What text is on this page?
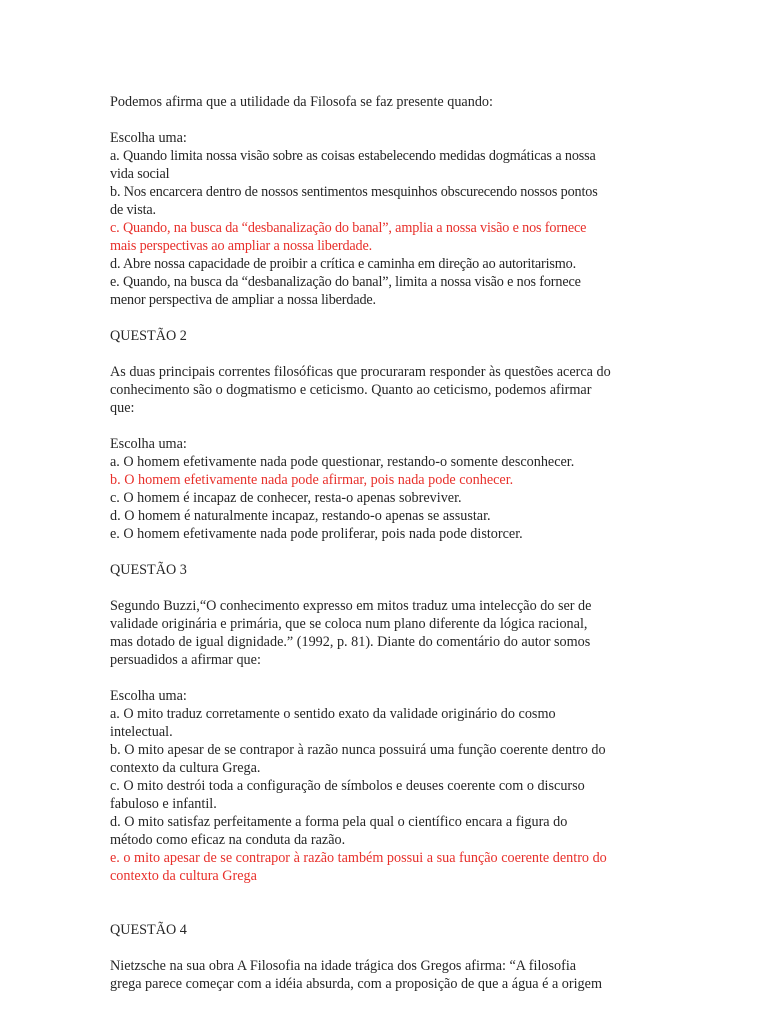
Podemos afirma que a utilidade da Filosofa se faz presente quando:
Escolha uma:
a. Quando limita nossa visão sobre as coisas estabelecendo medidas dogmáticas a nossa
vida social
b. Nos encarcera dentro de nossos sentimentos mesquinhos obscurecendo nossos pontos
de vista.
c. Quando, na busca da “desbanalização do banal”, amplia a nossa visão e nos fornece
mais perspectivas ao ampliar a nossa liberdade.
d. Abre nossa capacidade de proibir a crítica e caminha em direção ao autoritarismo.
e. Quando, na busca da “desbanalização do banal”, limita a nossa visão e nos fornece
menor perspectiva de ampliar a nossa liberdade.
QUESTÃO 2
As duas principais correntes filosóficas que procuraram responder às questões acerca do
conhecimento são o dogmatismo e ceticismo. Quanto ao ceticismo, podemos afirmar
que:
Escolha uma:
a. O homem efetivamente nada pode questionar, restando-o somente desconhecer.
b. O homem efetivamente nada pode afirmar, pois nada pode conhecer.
c. O homem é incapaz de conhecer, resta-o apenas sobreviver.
d. O homem é naturalmente incapaz, restando-o apenas se assustar.
e. O homem efetivamente nada pode proliferar, pois nada pode distorcer.
QUESTÃO 3
Segundo Buzzi,“O conhecimento expresso em mitos traduz uma intelecção do ser de
validade originária e primária, que se coloca num plano diferente da lógica racional,
mas dotado de igual dignidade.” (1992, p. 81). Diante do comentário do autor somos
persuadidos a afirmar que:
Escolha uma:
a. O mito traduz corretamente o sentido exato da validade originário do cosmo
intelectual.
b. O mito apesar de se contrapor à razão nunca possuirá uma função coerente dentro do
contexto da cultura Grega.
c. O mito destrói toda a configuração de símbolos e deuses coerente com o discurso
fabuloso e infantil.
d. O mito satisfaz perfeitamente a forma pela qual o científico encara a figura do
método como eficaz na conduta da razão.
e. o mito apesar de se contrapor à razão também possui a sua função coerente dentro do
contexto da cultura Grega
QUESTÃO 4
Nietzsche na sua obra A Filosofia na idade trágica dos Gregos afirma: “A filosofia
grega parece começar com a idéia absurda, com a proposição de que a água é a origem
